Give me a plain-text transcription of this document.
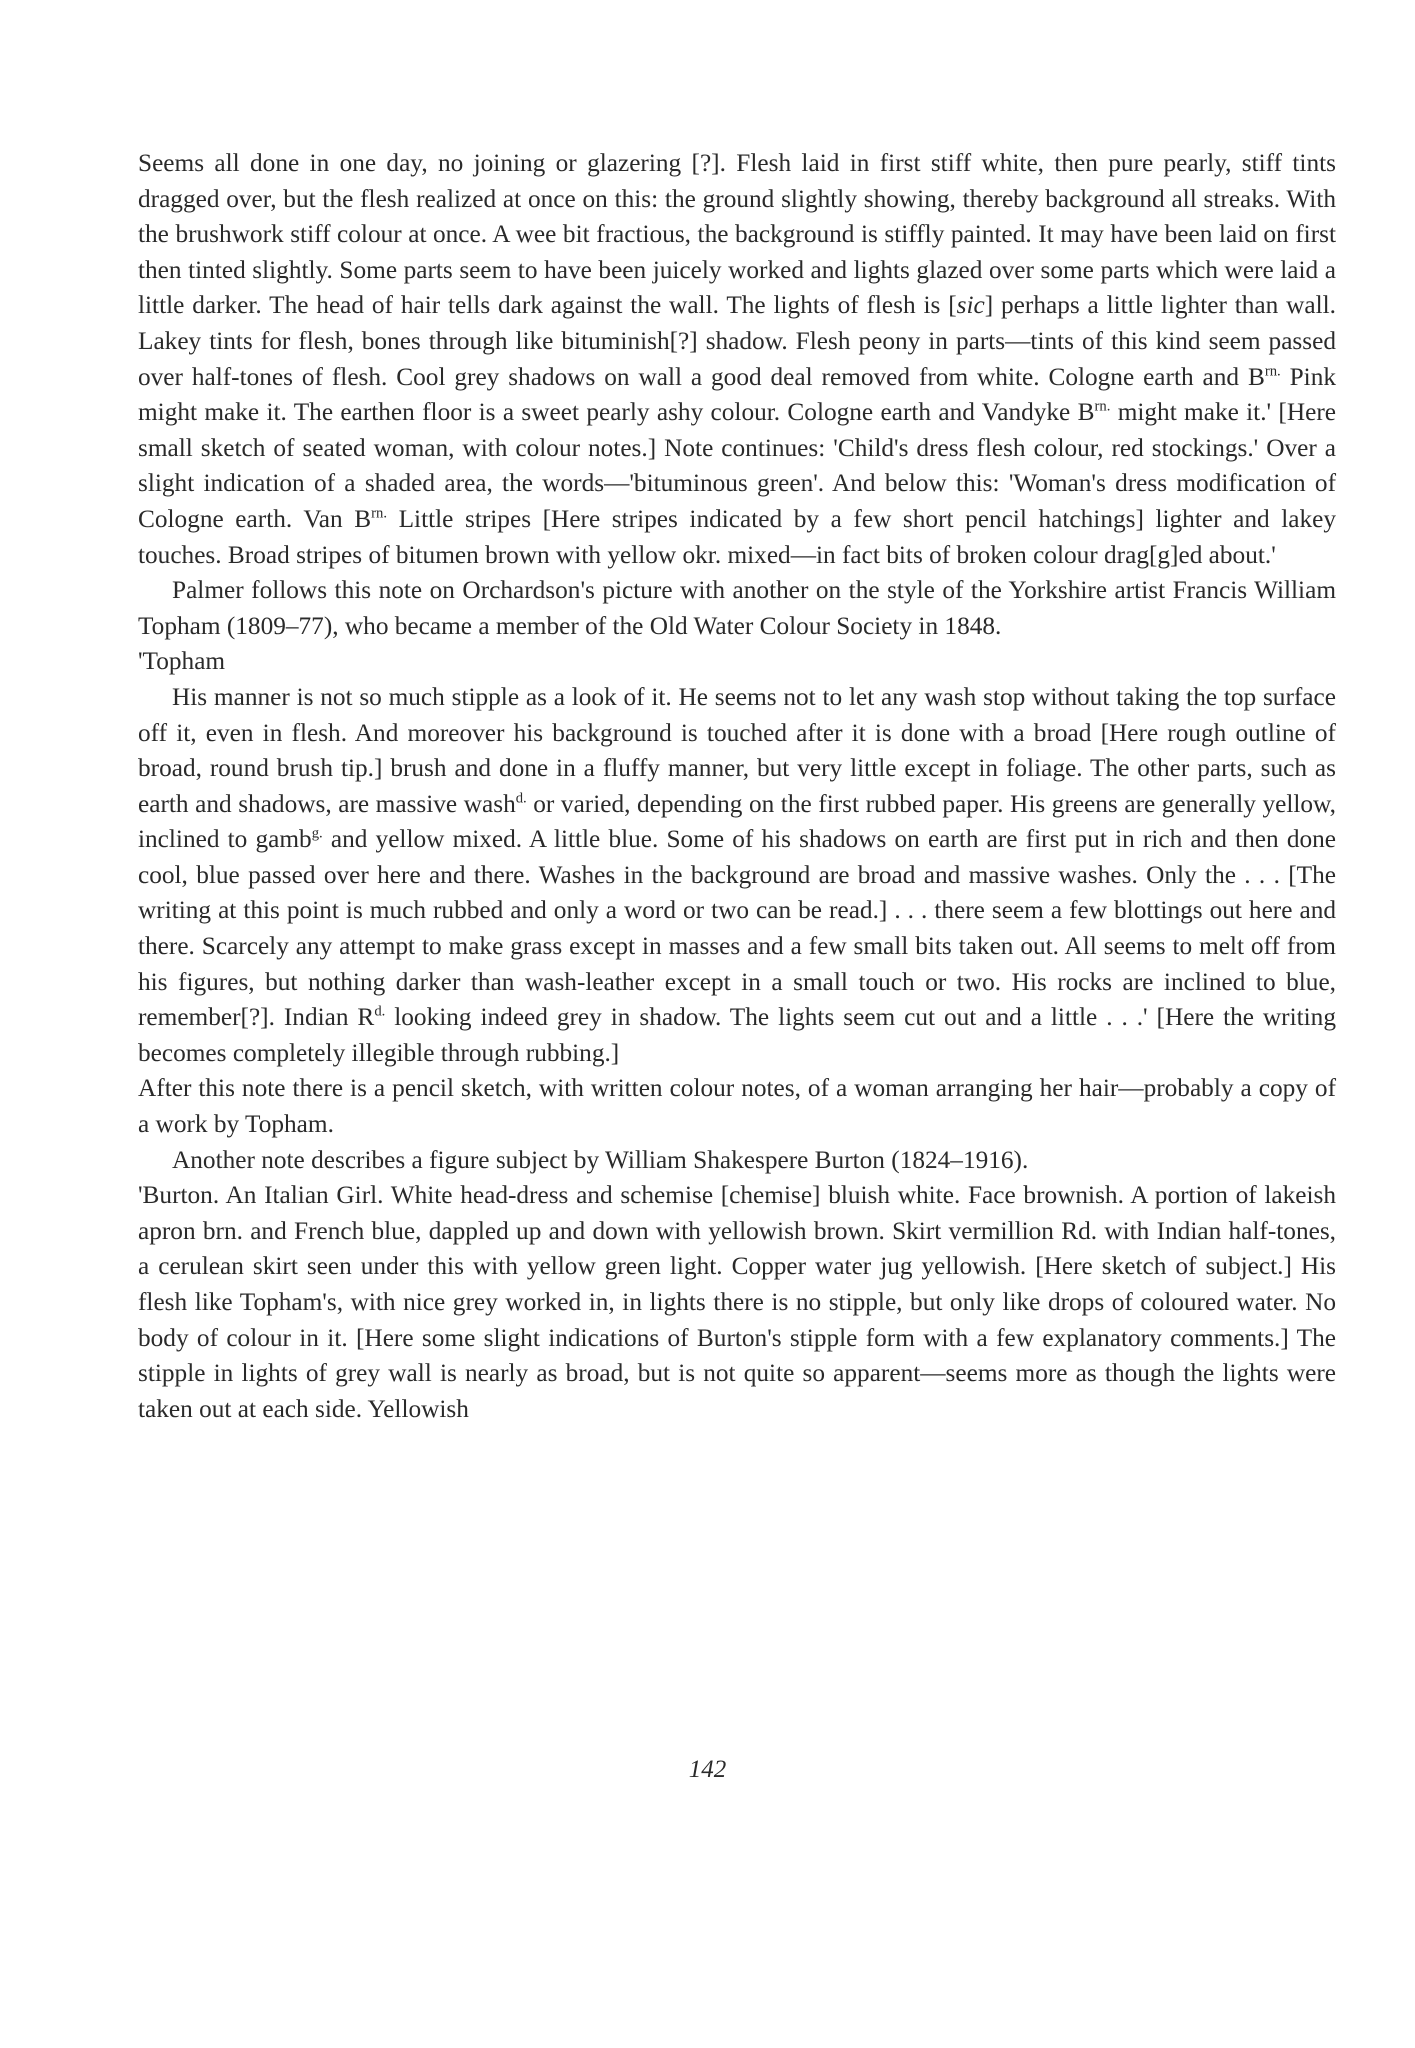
Seems all done in one day, no joining or glazering [?]. Flesh laid in first stiff white, then pure pearly, stiff tints dragged over, but the flesh realized at once on this: the ground slightly showing, thereby background all streaks. With the brushwork stiff colour at once. A wee bit fractious, the background is stiffly painted. It may have been laid on first then tinted slightly. Some parts seem to have been juicely worked and lights glazed over some parts which were laid a little darker. The head of hair tells dark against the wall. The lights of flesh is [sic] perhaps a little lighter than wall. Lakey tints for flesh, bones through like bituminish[?] shadow. Flesh peony in parts—tints of this kind seem passed over half-tones of flesh. Cool grey shadows on wall a good deal removed from white. Cologne earth and $B^{rn.}$ Pink might make it. The earthen floor is a sweet pearly ashy colour. Cologne earth and Vandyke $B^{rn.}$ might make it.' [Here small sketch of seated woman, with colour notes.] Note continues: 'Child's dress flesh colour, red stockings.' Over a slight indication of a shaded area, the words—'bituminous green'. And below this: 'Woman's dress modification of Cologne earth. Van $B^{rn.}$ Little stripes [Here stripes indicated by a few short pencil hatchings] lighter and lakey touches. Broad stripes of bitumen brown with yellow okr. mixed—in fact bits of broken colour drag[g]ed about.'

Palmer follows this note on Orchardson's picture with another on the style of the Yorkshire artist Francis William Topham (1809–77), who became a member of the Old Water Colour Society in 1848.

'Topham

His manner is not so much stipple as a look of it. He seems not to let any wash stop without taking the top surface off it, even in flesh. And moreover his background is touched after it is done with a broad [Here rough outline of broad, round brush tip.] brush and done in a fluffy manner, but very little except in foliage. The other parts, such as earth and shadows, are massive wash$^{d.}$ or varied, depending on the first rubbed paper. His greens are generally yellow, inclined to gamb$^{g.}$ and yellow mixed. A little blue. Some of his shadows on earth are first put in rich and then done cool, blue passed over here and there. Washes in the background are broad and massive washes. Only the . . . [The writing at this point is much rubbed and only a word or two can be read.] . . . there seem a few blottings out here and there. Scarcely any attempt to make grass except in masses and a few small bits taken out. All seems to melt off from his figures, but nothing darker than wash-leather except in a small touch or two. His rocks are inclined to blue, remember[?]. Indian $R^{d.}$ looking indeed grey in shadow. The lights seem cut out and a little . . .' [Here the writing becomes completely illegible through rubbing.]

After this note there is a pencil sketch, with written colour notes, of a woman arranging her hair—probably a copy of a work by Topham.

Another note describes a figure subject by William Shakespere Burton (1824–1916).

'Burton. An Italian Girl. White head-dress and schemise [chemise] bluish white. Face brownish. A portion of lakeish apron brn. and French blue, dappled up and down with yellowish brown. Skirt vermillion Rd. with Indian half-tones, a cerulean skirt seen under this with yellow green light. Copper water jug yellowish. [Here sketch of subject.] His flesh like Topham's, with nice grey worked in, in lights there is no stipple, but only like drops of coloured water. No body of colour in it. [Here some slight indications of Burton's stipple form with a few explanatory comments.] The stipple in lights of grey wall is nearly as broad, but is not quite so apparent—seems more as though the lights were taken out at each side. Yellowish

142
